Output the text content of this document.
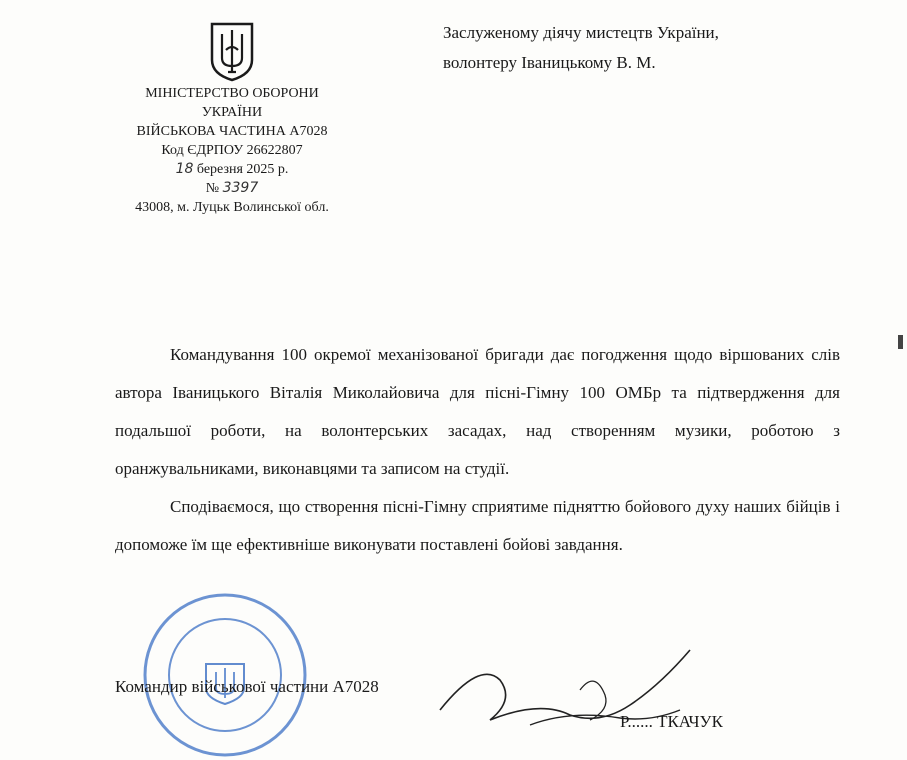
МІНІСТЕРСТВО ОБОРОНИ
УКРАЇНИ
ВІЙСЬКОВА ЧАСТИНА А7028
Код ЄДРПОУ 26622807
18 березня 2025 р.
№ 3397
43008, м. Луцьк Волинської обл.
Заслуженому діячу мистецтв України,
волонтеру Іваницькому В. М.

Командування 100 окремої механізованої бригади дає погодження щодо віршованих слів автора Іваницького Віталія Миколайовича для пісні-Гімну 100 ОМБр та підтвердження для подальшої роботи, на волонтерських засадах, над створенням музики, роботою з оранжувальниками, виконавцями та записом на студії.

Сподіваємося, що створення пісні-Гімну сприятиме підняттю бойового духу наших бійців і допоможе їм ще ефективніше виконувати поставлені бойові завдання.

Командир військової частини А7028
Р...... ТКАЧУК
